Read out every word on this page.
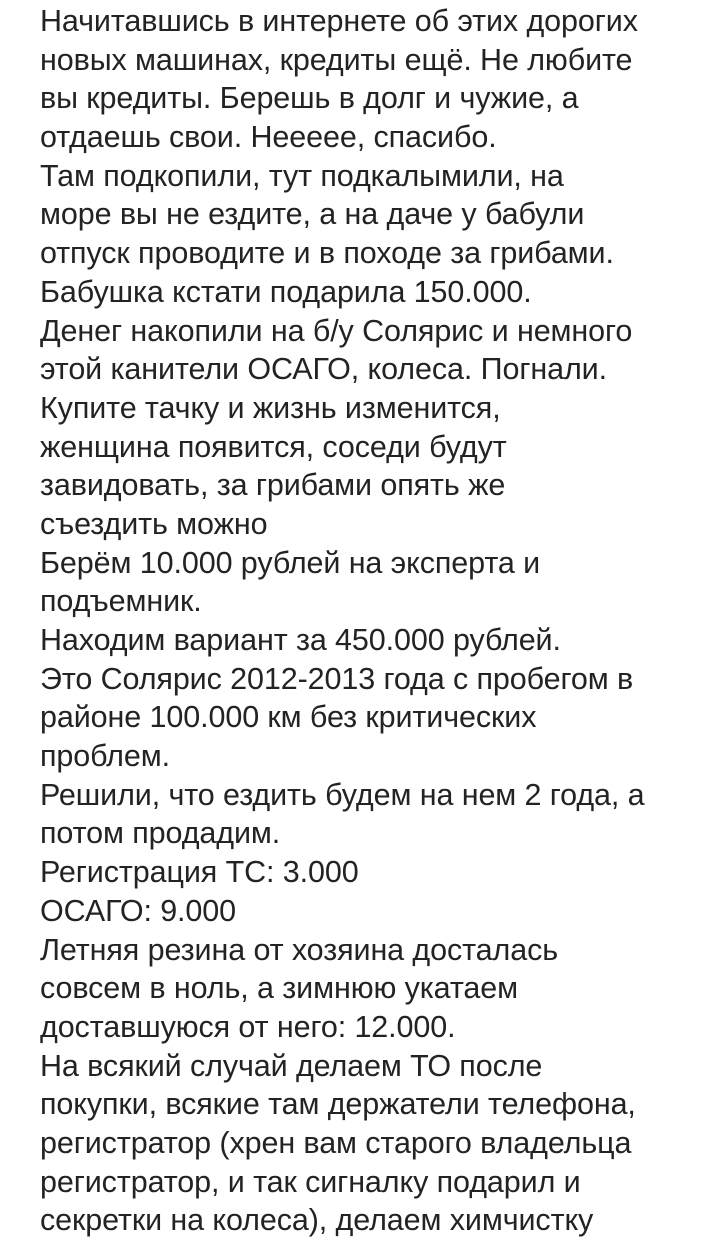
Начитавшись в интернете об этих дорогих
новых машинах, кредиты ещё. Не любите
вы кредиты. Берешь в долг и чужие, а
отдаешь свои. Неееее, спасибо.
Там подкопили, тут подкалымили, на
море вы не ездите, а на даче у бабули
отпуск проводите и в походе за грибами.
Бабушка кстати подарила 150.000.
Денег накопили на б/у Солярис и немного
этой канители ОСАГО, колеса. Погнали.
Купите тачку и жизнь изменится,
женщина появится, соседи будут
завидовать, за грибами опять же
съездить можно
Берём 10.000 рублей на эксперта и
подъемник.
Находим вариант за 450.000 рублей.
Это Солярис 2012-2013 года с пробегом в
районе 100.000 км без критических
проблем.
Решили, что ездить будем на нем 2 года, а
потом продадим.
Регистрация ТС: 3.000
ОСАГО: 9.000
Летняя резина от хозяина досталась
совсем в ноль, а зимнюю укатаем
доставшуюся от него: 12.000.
На всякий случай делаем ТО после
покупки, всякие там держатели телефона,
регистратор (хрен вам старого владельца
регистратор, и так сигналку подарил и
секретки на колеса), делаем химчистку
